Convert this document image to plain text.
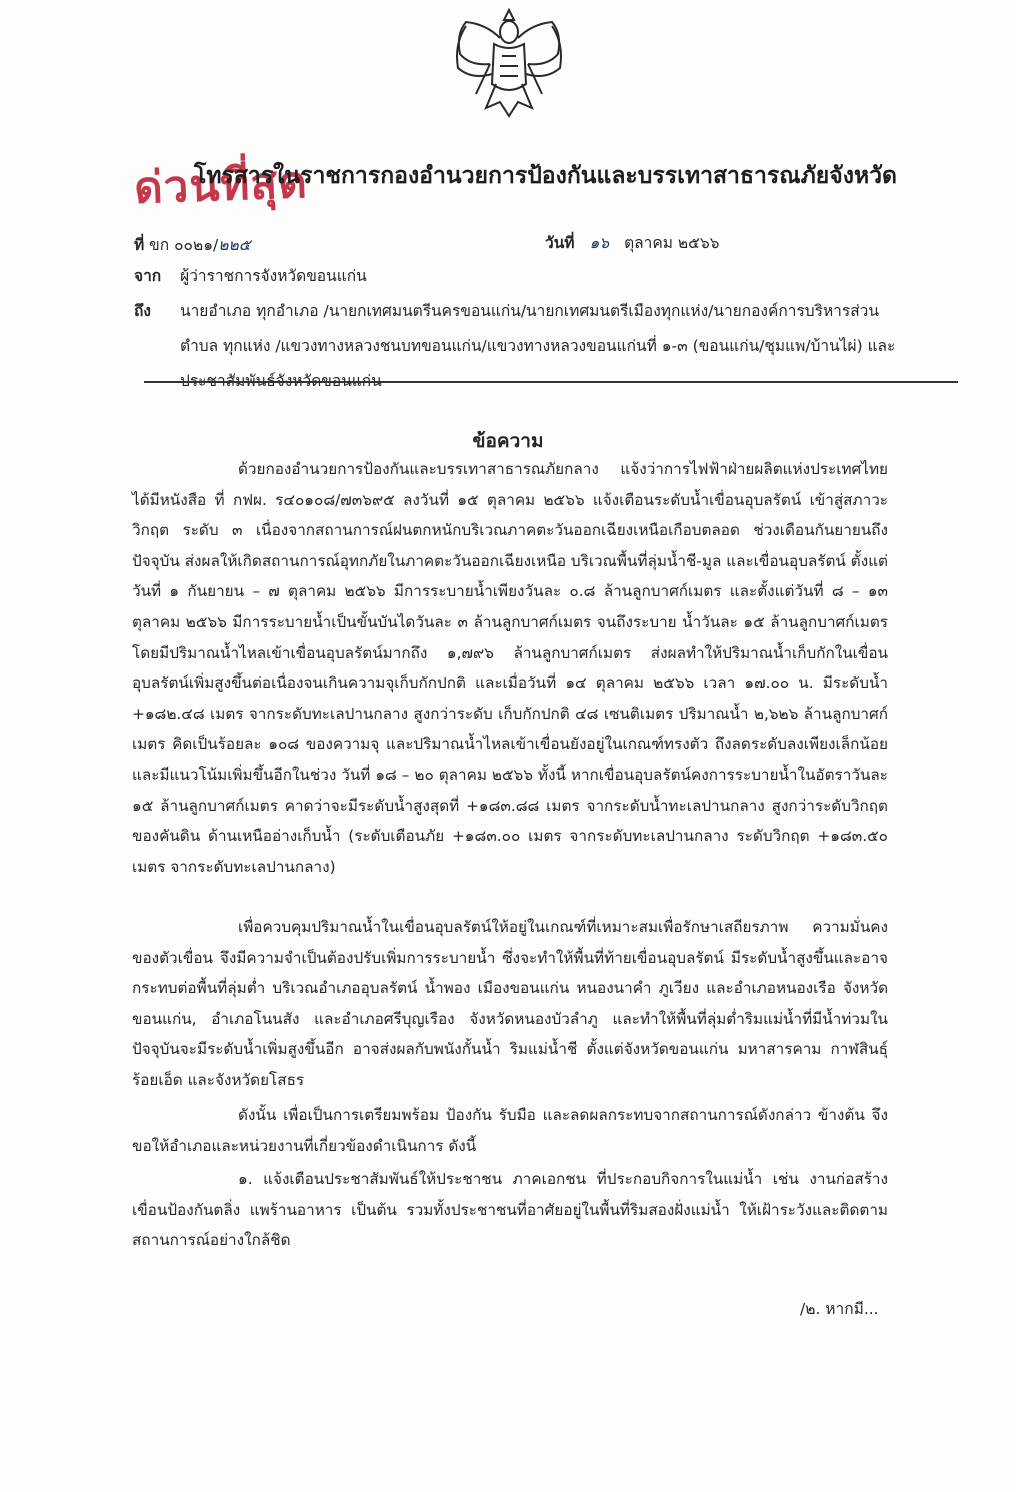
ด่วนที่สุด
โทรสารในราชการกองอำนวยการป้องกันและบรรเทาสาธารณภัยจังหวัด
ที่ ขก ๐๐๒๑/๒๒๕	วันที่ ๑๖ ตุลาคม ๒๕๖๖
จาก ผู้ว่าราชการจังหวัดขอนแก่น
ถึง นายอำเภอ ทุกอำเภอ /นายกเทศมนตรีนครขอนแก่น/นายกเทศมนตรีเมืองทุกแห่ง/นายกองค์การบริหารส่วนตำบล ทุกแห่ง /แขวงทางหลวงชนบทขอนแก่น/แขวงทางหลวงขอนแก่นที่ ๑-๓ (ขอนแก่น/ชุมแพ/บ้านไผ่) และ ประชาสัมพันธ์จังหวัดขอนแก่น
ข้อความ

ด้วยกองอำนวยการป้องกันและบรรเทาสาธารณภัยกลาง แจ้งว่าการไฟฟ้าฝ่ายผลิตแห่งประเทศไทย ได้มีหนังสือ ที่ กฟผ. ร๔๐๑๐๘/๗๓๖๙๕ ลงวันที่ ๑๕ ตุลาคม ๒๕๖๖ แจ้งเตือนระดับน้ำเขื่อนอุบลรัตน์ เข้าสู่สภาวะวิกฤต ระดับ ๓ เนื่องจากสถานการณ์ฝนตกหนักบริเวณภาคตะวันออกเฉียงเหนือเกือบตลอด ช่วงเดือนกันยายนถึงปัจจุบัน ส่งผลให้เกิดสถานการณ์อุทกภัยในภาคตะวันออกเฉียงเหนือ บริเวณพื้นที่ลุ่มน้ำชี-มูล และเขื่อนอุบลรัตน์ ตั้งแต่วันที่ ๑ กันยายน – ๗ ตุลาคม ๒๕๖๖ มีการระบายน้ำเพียงวันละ ๐.๘ ล้านลูกบาศก์เมตร และตั้งแต่วันที่ ๘ – ๑๓ ตุลาคม ๒๕๖๖ มีการระบายน้ำเป็นขั้นบันไดวันละ ๓ ล้านลูกบาศก์เมตร จนถึงระบาย น้ำวันละ ๑๕ ล้านลูกบาศก์เมตร โดยมีปริมาณน้ำไหลเข้าเขื่อนอุบลรัตน์มากถึง ๑,๗๙๖ ล้านลูกบาศก์เมตร ส่งผลทำให้ปริมาณน้ำเก็บกักในเขื่อนอุบลรัตน์เพิ่มสูงขึ้นต่อเนื่องจนเกินความจุเก็บกักปกติ และเมื่อวันที่ ๑๔ ตุลาคม ๒๕๖๖ เวลา ๑๗.๐๐ น. มีระดับน้ำ +๑๘๒.๔๘ เมตร จากระดับทะเลปานกลาง สูงกว่าระดับ เก็บกักปกติ ๔๘ เซนติเมตร ปริมาณน้ำ ๒,๖๒๖ ล้านลูกบาศก์เมตร คิดเป็นร้อยละ ๑๐๘ ของความจุ และปริมาณน้ำไหลเข้าเขื่อนยังอยู่ในเกณฑ์ทรงตัว ถึงลดระดับลงเพียงเล็กน้อย และมีแนวโน้มเพิ่มขึ้นอีกในช่วง วันที่ ๑๘ – ๒๐ ตุลาคม ๒๕๖๖ ทั้งนี้ หากเขื่อนอุบลรัตน์คงการระบายน้ำในอัตราวันละ ๑๕ ล้านลูกบาศก์เมตร คาดว่าจะมีระดับน้ำสูงสุดที่ +๑๘๓.๘๘ เมตร จากระดับน้ำทะเลปานกลาง สูงกว่าระดับวิกฤตของคันดิน ด้านเหนืออ่างเก็บน้ำ (ระดับเตือนภัย +๑๘๓.๐๐ เมตร จากระดับทะเลปานกลาง ระดับวิกฤต +๑๘๓.๕๐ เมตร จากระดับทะเลปานกลาง)

เพื่อควบคุมปริมาณน้ำในเขื่อนอุบลรัตน์ให้อยู่ในเกณฑ์ที่เหมาะสมเพื่อรักษาเสถียรภาพ ความมั่นคงของตัวเขื่อน จึงมีความจำเป็นต้องปรับเพิ่มการระบายน้ำ ซึ่งจะทำให้พื้นที่ท้ายเขื่อนอุบลรัตน์ มีระดับน้ำสูงขึ้นและอาจกระทบต่อพื้นที่ลุ่มต่ำ บริเวณอำเภออุบลรัตน์ น้ำพอง เมืองขอนแก่น หนองนาคำ ภูเวียง และอำเภอหนองเรือ จังหวัดขอนแก่น, อำเภอโนนสัง และอำเภอศรีบุญเรือง จังหวัดหนองบัวลำภู และทำให้พื้นที่ลุ่มต่ำริมแม่น้ำที่มีน้ำท่วมในปัจจุบันจะมีระดับน้ำเพิ่มสูงขึ้นอีก อาจส่งผลกับพนังกั้นน้ำ ริมแม่น้ำชี ตั้งแต่จังหวัดขอนแก่น มหาสารคาม กาฬสินธุ์ ร้อยเอ็ด และจังหวัดยโสธร

ดังนั้น เพื่อเป็นการเตรียมพร้อม ป้องกัน รับมือ และลดผลกระทบจากสถานการณ์ดังกล่าว ข้างต้น จึงขอให้อำเภอและหน่วยงานที่เกี่ยวข้องดำเนินการ ดังนี้

๑. แจ้งเตือนประชาสัมพันธ์ให้ประชาชน ภาคเอกชน ที่ประกอบกิจการในแม่น้ำ เช่น งานก่อสร้างเขื่อนป้องกันตลิ่ง แพร้านอาหาร เป็นต้น รวมทั้งประชาชนที่อาศัยอยู่ในพื้นที่ริมสองฝั่งแม่น้ำ ให้เฝ้าระวังและติดตามสถานการณ์อย่างใกล้ชิด

/๒. หากมี...
